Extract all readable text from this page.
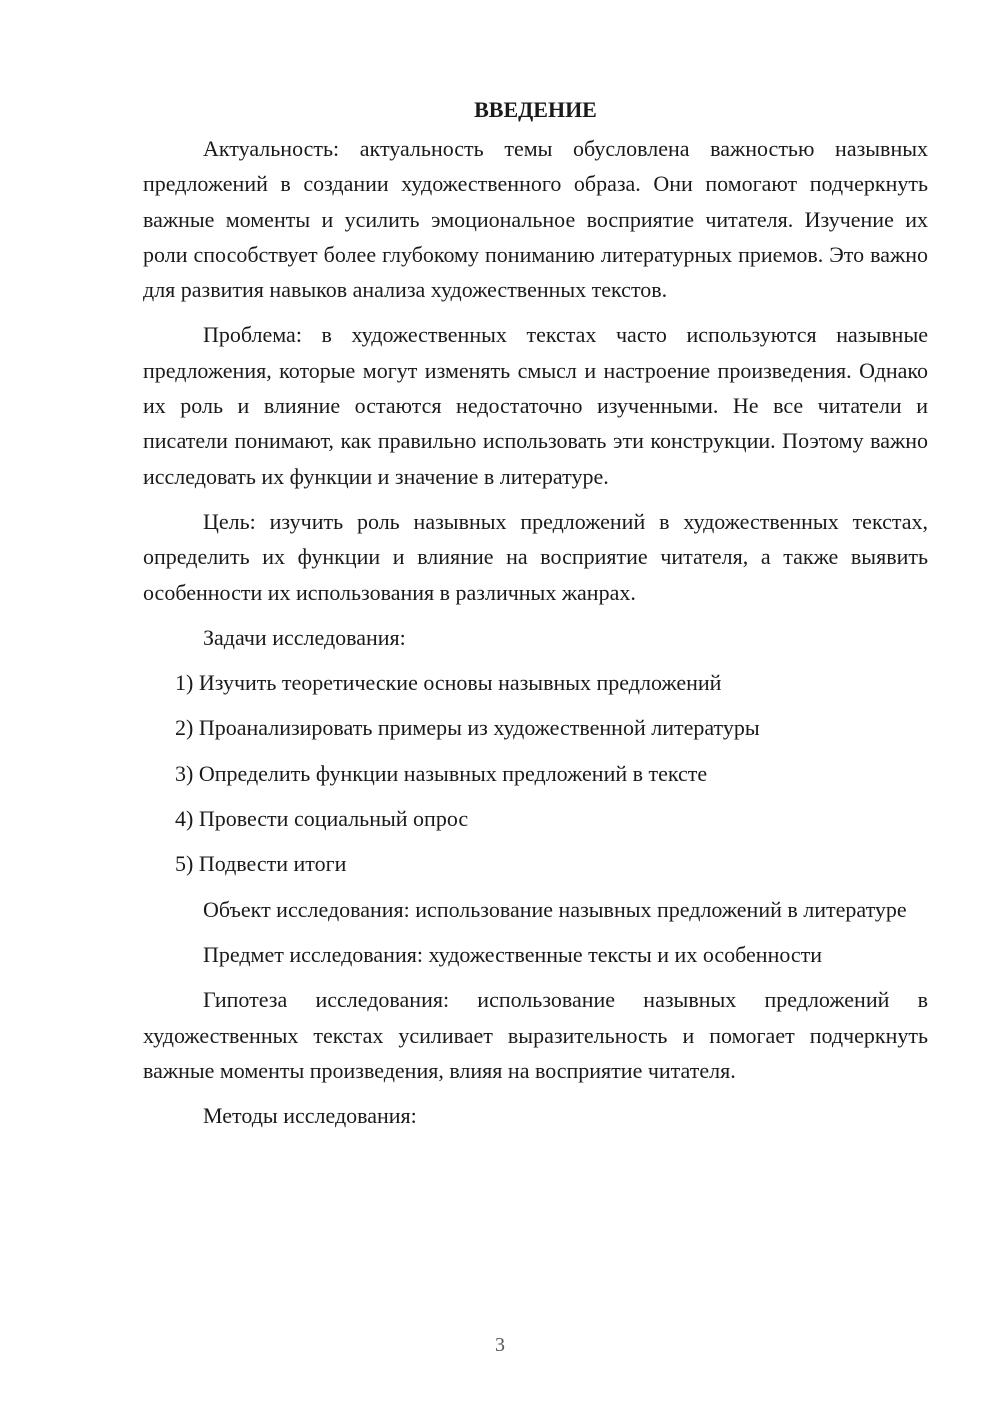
ВВЕДЕНИЕ

Актуальность: актуальность темы обусловлена важностью назывных предложений в создании художественного образа. Они помогают подчеркнуть важные моменты и усилить эмоциональное восприятие читателя. Изучение их роли способствует более глубокому пониманию литературных приемов. Это важно для развития навыков анализа художественных текстов.

Проблема: в художественных текстах часто используются назывные предложения, которые могут изменять смысл и настроение произведения. Однако их роль и влияние остаются недостаточно изученными. Не все читатели и писатели понимают, как правильно использовать эти конструкции. Поэтому важно исследовать их функции и значение в литературе.

Цель: изучить роль назывных предложений в художественных текстах, определить их функции и влияние на восприятие читателя, а также выявить особенности их использования в различных жанрах.

Задачи исследования:

1) Изучить теоретические основы назывных предложений
2) Проанализировать примеры из художественной литературы
3) Определить функции назывных предложений в тексте
4) Провести социальный опрос
5) Подвести итоги

Объект исследования: использование назывных предложений в литературе

Предмет исследования: художественные тексты и их особенности

Гипотеза исследования: использование назывных предложений в художественных текстах усиливает выразительность и помогает подчеркнуть важные моменты произведения, влияя на восприятие читателя.

Методы исследования:

3
